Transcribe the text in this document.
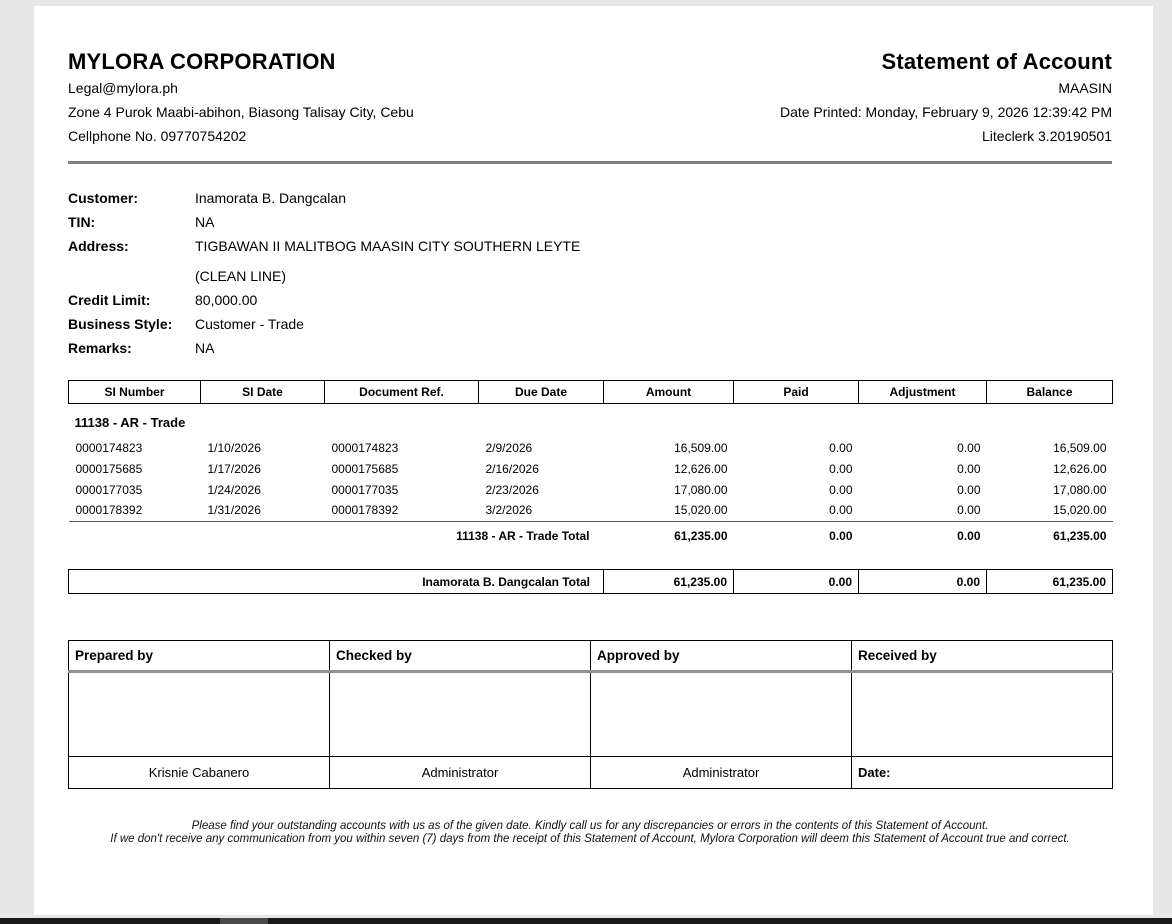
MYLORA CORPORATION
Legal@mylora.ph
Zone 4 Purok Maabi-abihon, Biasong Talisay City, Cebu
Cellphone No. 09770754202
Statement of Account
MAASIN
Date Printed: Monday, February 9, 2026 12:39:42 PM
Liteclerk 3.20190501
Customer:	Inamorata B. Dangcalan
TIN:	NA
Address:	TIGBAWAN II MALITBOG MAASIN CITY SOUTHERN LEYTE
(CLEAN LINE)
Credit Limit:	80,000.00
Business Style:	Customer - Trade
Remarks:	NA
SI Number	SI Date	Document Ref.	Due Date	Amount	Paid	Adjustment	Balance
11138 - AR - Trade							
0000174823	1/10/2026	0000174823	2/9/2026	16,509.00	0.00	0.00	16,509.00
0000175685	1/17/2026	0000175685	2/16/2026	12,626.00	0.00	0.00	12,626.00
0000177035	1/24/2026	0000177035	2/23/2026	17,080.00	0.00	0.00	17,080.00
0000178392	1/31/2026	0000178392	3/2/2026	15,020.00	0.00	0.00	15,020.00
11138 - AR - Trade Total				61,235.00	0.00	0.00	61,235.00
Inamorata B. Dangcalan Total	61,235.00	0.00	0.00	61,235.00
Prepared by	Checked by	Approved by	Received by

Krisnie Cabanero	Administrator	Administrator	Date:
Please find your outstanding accounts with us as of the given date. Kindly call us for any discrepancies or errors in the contents of this Statement of Account.
If we don't receive any communication from you within seven (7) days from the receipt of this Statement of Account, Mylora Corporation will deem this Statement of Account true and correct.
